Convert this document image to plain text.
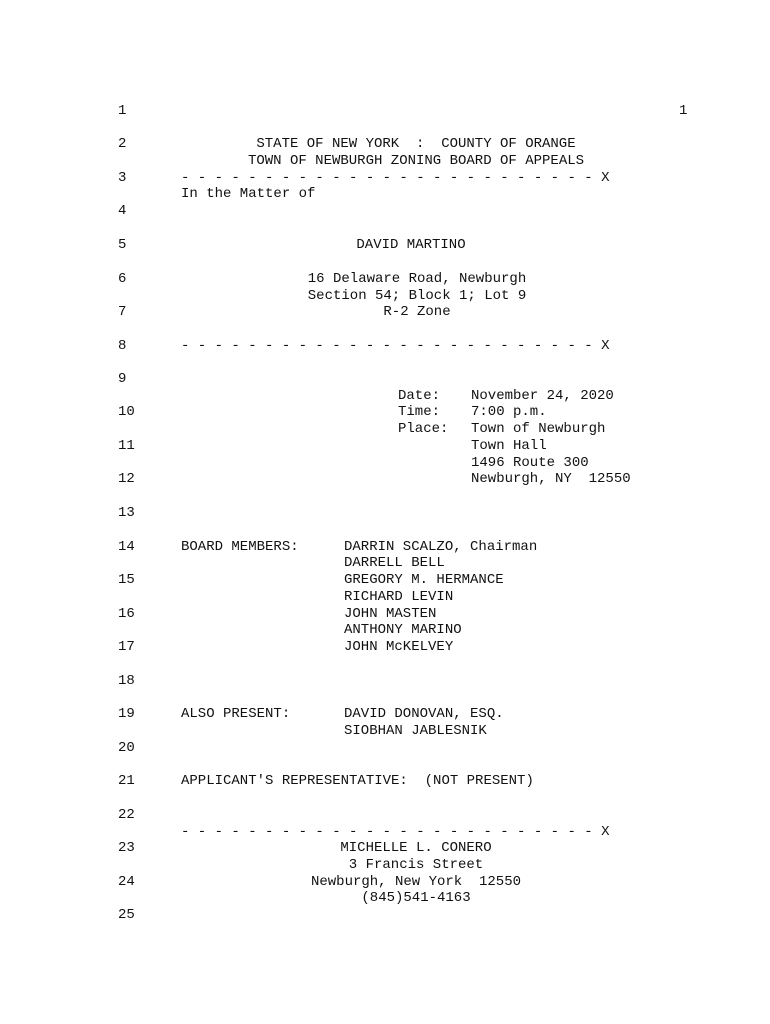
1
1
2
3
4
5
6
7
8
9
10
11
12
13
14
15
16
17
18
19
20
21
22
23
24
25
STATE OF NEW YORK  :  COUNTY OF ORANGE
TOWN OF NEWBURGH ZONING BOARD OF APPEALS
- - - - - - - - - - - - - - - - - - - - - - - - - X
In the Matter of
DAVID MARTINO
16 Delaware Road, Newburgh
Section 54; Block 1; Lot 9
R-2 Zone
- - - - - - - - - - - - - - - - - - - - - - - - - X
Date: November 24, 2020
Time: 7:00 p.m.
Place: Town of Newburgh
Town Hall
1496 Route 300
Newburgh, NY  12550
BOARD MEMBERS:	DARRIN SCALZO, Chairman
DARRELL BELL
GREGORY M. HERMANCE
RICHARD LEVIN
JOHN MASTEN
ANTHONY MARINO
JOHN McKELVEY
ALSO PRESENT:	DAVID DONOVAN, ESQ.
SIOBHAN JABLESNIK
APPLICANT'S REPRESENTATIVE:  (NOT PRESENT)
- - - - - - - - - - - - - - - - - - - - - - - - - X
MICHELLE L. CONERO
3 Francis Street
Newburgh, New York  12550
(845)541-4163
